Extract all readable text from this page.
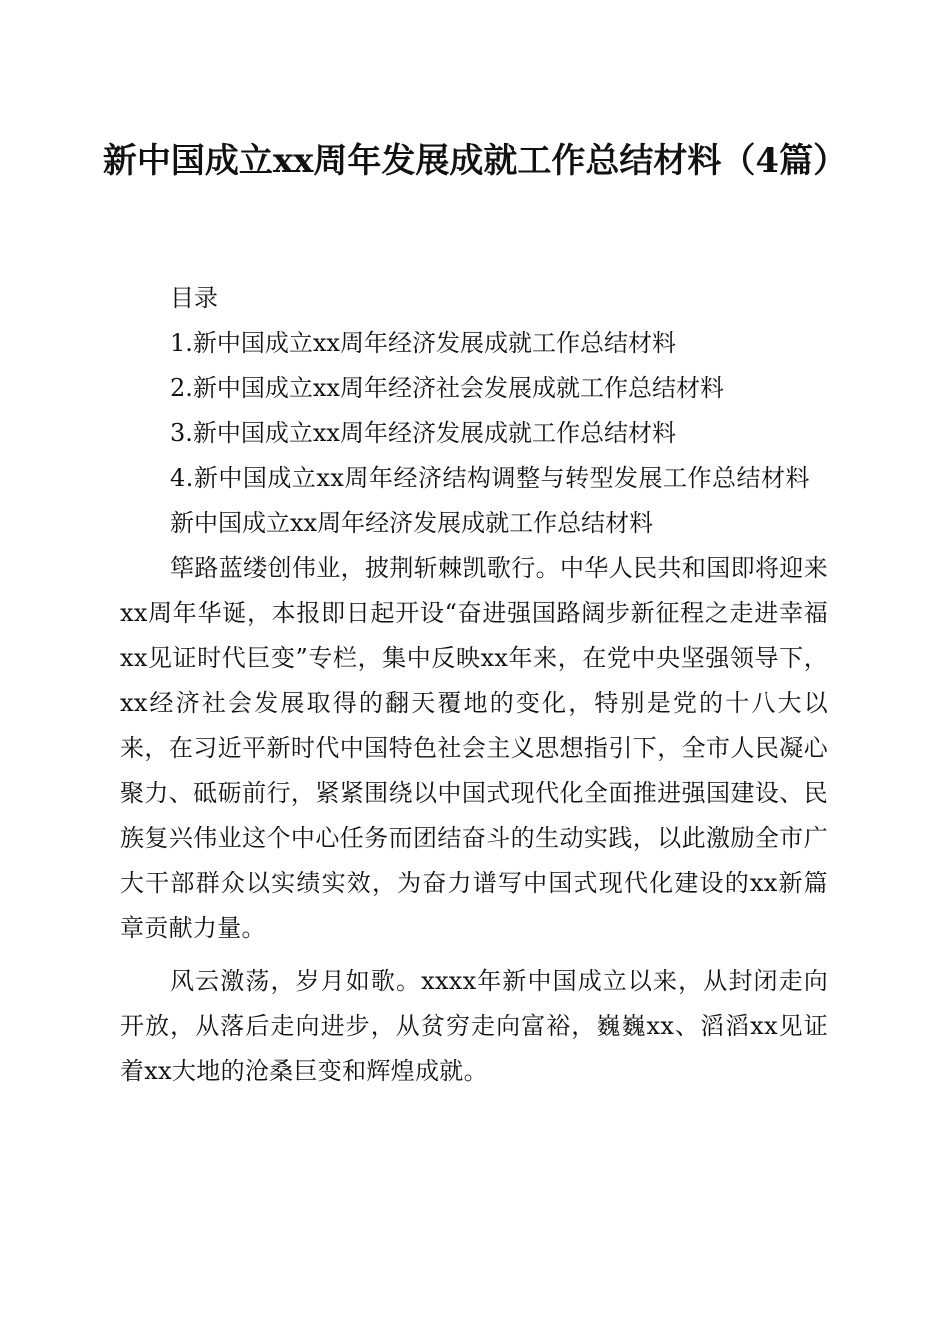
新中国成立xx周年发展成就工作总结材料（4篇）

目录

1.新中国成立xx周年经济发展成就工作总结材料

2.新中国成立xx周年经济社会发展成就工作总结材料

3.新中国成立xx周年经济发展成就工作总结材料

4.新中国成立xx周年经济结构调整与转型发展工作总结材料

新中国成立xx周年经济发展成就工作总结材料

筚路蓝缕创伟业，披荆斩棘凯歌行。中华人民共和国即将迎来xx周年华诞，本报即日起开设“奋进强国路阔步新征程之走进幸福xx见证时代巨变”专栏，集中反映xx年来，在党中央坚强领导下，xx经济社会发展取得的翻天覆地的变化，特别是党的十八大以来，在习近平新时代中国特色社会主义思想指引下，全市人民凝心聚力、砥砺前行，紧紧围绕以中国式现代化全面推进强国建设、民族复兴伟业这个中心任务而团结奋斗的生动实践，以此激励全市广大干部群众以实绩实效，为奋力谱写中国式现代化建设的xx新篇章贡献力量。

风云激荡，岁月如歌。xxxx年新中国成立以来，从封闭走向开放，从落后走向进步，从贫穷走向富裕，巍巍xx、滔滔xx见证着xx大地的沧桑巨变和辉煌成就。
